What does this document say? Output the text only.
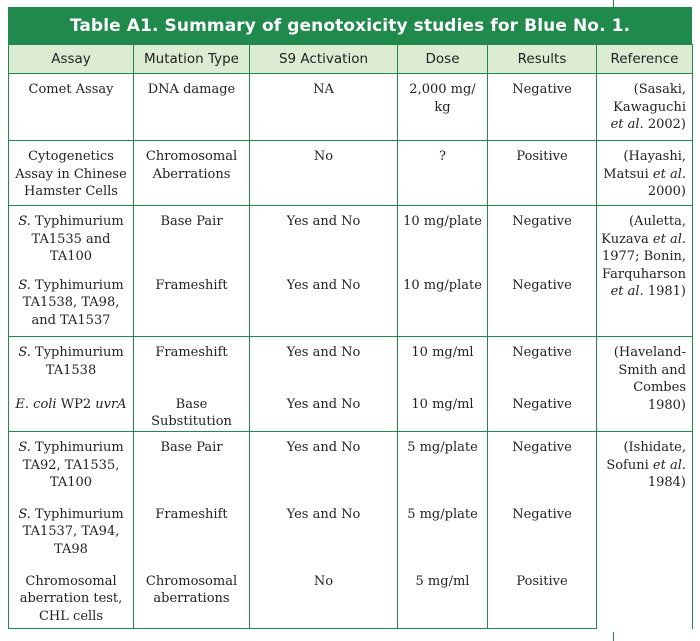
Table A1. Summary of genotoxicity studies for Blue No. 1.
Assay	Mutation Type	S9 Activation	Dose	Results	Reference
Comet Assay	DNA damage	NA	2,000 mg/ kg	Negative	(Sasaki, Kawaguchi et al. 2002)
Cytogenetics Assay in Chinese Hamster Cells	Chromosomal Aberrations	No	?	Positive	(Hayashi, Matsui et al. 2000)
S. Typhimurium TA1535 and TA100	Base Pair	Yes and No	10 mg/plate	Negative	(Auletta, Kuzava et al. 1977; Bonin, Farquharson et al. 1981)
S. Typhimurium TA1538, TA98, and TA1537	Frameshift	Yes and No	10 mg/plate	Negative	
S. Typhimurium TA1538	Frameshift	Yes and No	10 mg/ml	Negative	(Haveland-Smith and Combes 1980)
E. coli WP2 uvrA	Base Substitution	Yes and No	10 mg/ml	Negative	
S. Typhimurium TA92, TA1535, TA100	Base Pair	Yes and No	5 mg/plate	Negative	(Ishidate, Sofuni et al. 1984)
S. Typhimurium TA1537, TA94, TA98	Frameshift	Yes and No	5 mg/plate	Negative	
Chromosomal aberration test, CHL cells	Chromosomal aberrations	No	5 mg/ml	Positive	
